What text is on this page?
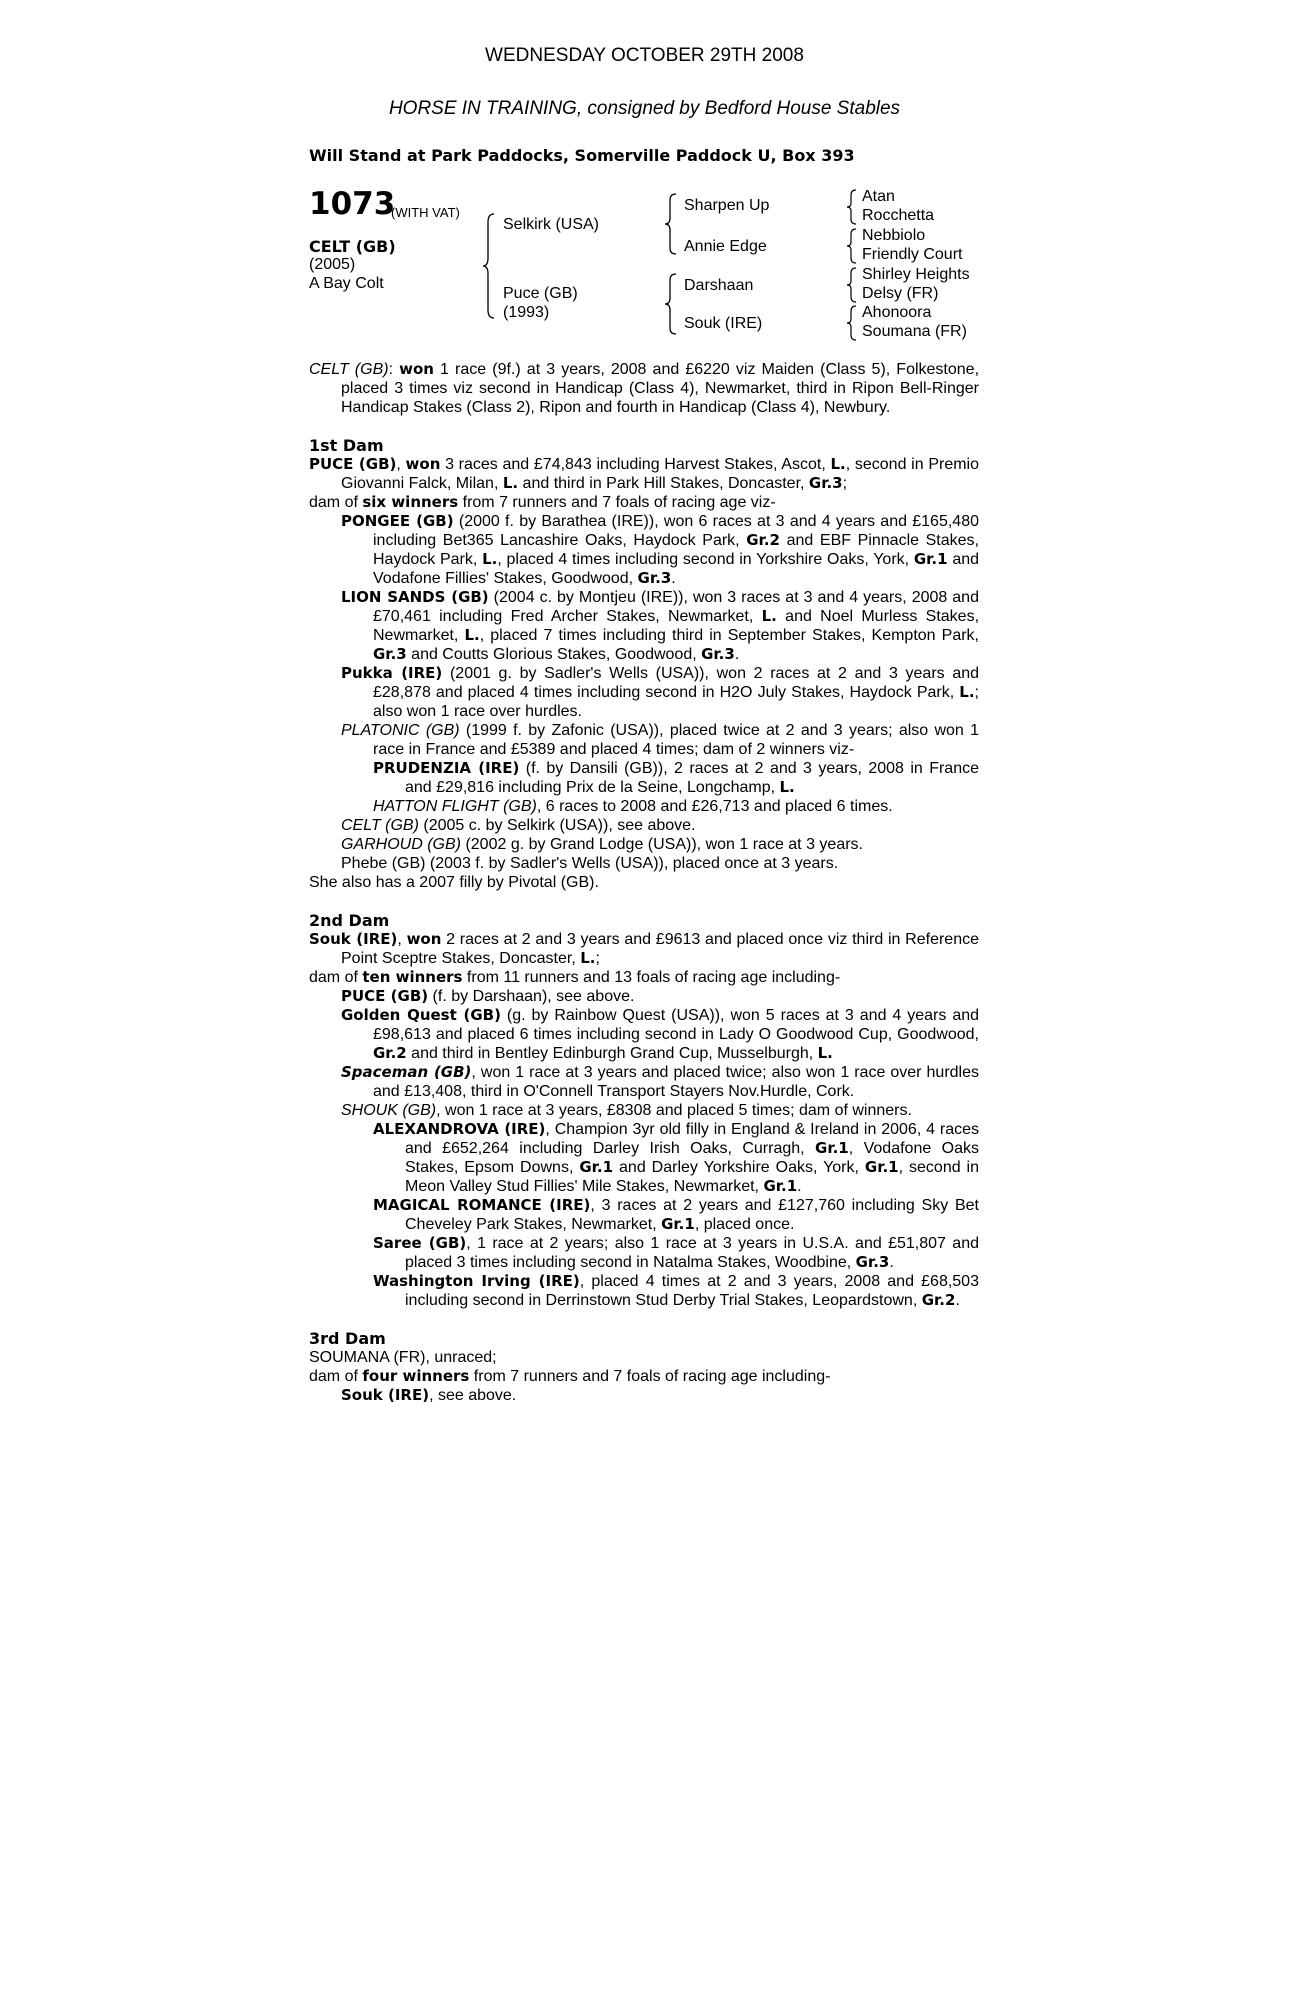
WEDNESDAY OCTOBER 29TH 2008
HORSE IN TRAINING, consigned by Bedford House Stables
Will Stand at Park Paddocks, Somerville Paddock U, Box 393
1073
(WITH VAT)
CELT (GB)
(2005)
A Bay Colt
Selkirk (USA)
Puce (GB)
(1993)
Sharpen Up
Annie Edge
Darshaan
Souk (IRE)
Atan
Rocchetta
Nebbiolo
Friendly Court
Shirley Heights
Delsy (FR)
Ahonoora
Soumana (FR)

CELT (GB): won 1 race (9f.) at 3 years, 2008 and £6220 viz Maiden (Class 5), Folkestone, placed 3 times viz second in Handicap (Class 4), Newmarket, third in Ripon Bell-Ringer Handicap Stakes (Class 2), Ripon and fourth in Handicap (Class 4), Newbury.

1st Dam

PUCE (GB), won 3 races and £74,843 including Harvest Stakes, Ascot, L., second in Premio Giovanni Falck, Milan, L. and third in Park Hill Stakes, Doncaster, Gr.3;

dam of six winners from 7 runners and 7 foals of racing age viz-

PONGEE (GB) (2000 f. by Barathea (IRE)), won 6 races at 3 and 4 years and £165,480 including Bet365 Lancashire Oaks, Haydock Park, Gr.2 and EBF Pinnacle Stakes, Haydock Park, L., placed 4 times including second in Yorkshire Oaks, York, Gr.1 and Vodafone Fillies' Stakes, Goodwood, Gr.3.

LION SANDS (GB) (2004 c. by Montjeu (IRE)), won 3 races at 3 and 4 years, 2008 and £70,461 including Fred Archer Stakes, Newmarket, L. and Noel Murless Stakes, Newmarket, L., placed 7 times including third in September Stakes, Kempton Park, Gr.3 and Coutts Glorious Stakes, Goodwood, Gr.3.

Pukka (IRE) (2001 g. by Sadler's Wells (USA)), won 2 races at 2 and 3 years and £28,878 and placed 4 times including second in H2O July Stakes, Haydock Park, L.; also won 1 race over hurdles.

PLATONIC (GB) (1999 f. by Zafonic (USA)), placed twice at 2 and 3 years; also won 1 race in France and £5389 and placed 4 times; dam of 2 winners viz-

PRUDENZIA (IRE) (f. by Dansili (GB)), 2 races at 2 and 3 years, 2008 in France and £29,816 including Prix de la Seine, Longchamp, L.

HATTON FLIGHT (GB), 6 races to 2008 and £26,713 and placed 6 times.

CELT (GB) (2005 c. by Selkirk (USA)), see above.

GARHOUD (GB) (2002 g. by Grand Lodge (USA)), won 1 race at 3 years.

Phebe (GB) (2003 f. by Sadler's Wells (USA)), placed once at 3 years.

She also has a 2007 filly by Pivotal (GB).

2nd Dam

Souk (IRE), won 2 races at 2 and 3 years and £9613 and placed once viz third in Reference Point Sceptre Stakes, Doncaster, L.;

dam of ten winners from 11 runners and 13 foals of racing age including-

PUCE (GB) (f. by Darshaan), see above.

Golden Quest (GB) (g. by Rainbow Quest (USA)), won 5 races at 3 and 4 years and £98,613 and placed 6 times including second in Lady O Goodwood Cup, Goodwood, Gr.2 and third in Bentley Edinburgh Grand Cup, Musselburgh, L.

Spaceman (GB), won 1 race at 3 years and placed twice; also won 1 race over hurdles and £13,408, third in O'Connell Transport Stayers Nov.Hurdle, Cork.

SHOUK (GB), won 1 race at 3 years, £8308 and placed 5 times; dam of winners.

ALEXANDROVA (IRE), Champion 3yr old filly in England & Ireland in 2006, 4 races and £652,264 including Darley Irish Oaks, Curragh, Gr.1, Vodafone Oaks Stakes, Epsom Downs, Gr.1 and Darley Yorkshire Oaks, York, Gr.1, second in Meon Valley Stud Fillies' Mile Stakes, Newmarket, Gr.1.

MAGICAL ROMANCE (IRE), 3 races at 2 years and £127,760 including Sky Bet Cheveley Park Stakes, Newmarket, Gr.1, placed once.

Saree (GB), 1 race at 2 years; also 1 race at 3 years in U.S.A. and £51,807 and placed 3 times including second in Natalma Stakes, Woodbine, Gr.3.

Washington Irving (IRE), placed 4 times at 2 and 3 years, 2008 and £68,503 including second in Derrinstown Stud Derby Trial Stakes, Leopardstown, Gr.2.

3rd Dam

SOUMANA (FR), unraced;

dam of four winners from 7 runners and 7 foals of racing age including-

Souk (IRE), see above.
